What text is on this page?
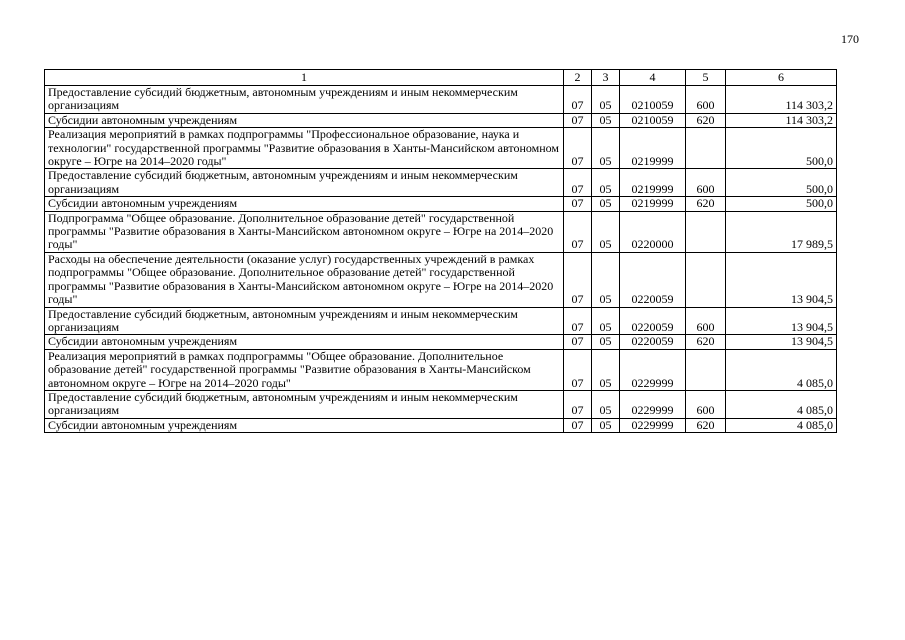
170
1	2	3	4	5	6
Предоставление субсидий бюджетным, автономным учреждениям и иным некоммерческим организациям	07	05	0210059	600	114 303,2
Субсидии автономным учреждениям	07	05	0210059	620	114 303,2
Реализация мероприятий в рамках подпрограммы "Профессиональное образование, наука и технологии" государственной программы "Развитие образования в Ханты-Мансийском автономном округе – Югре на 2014–2020 годы"	07	05	0219999		500,0
Предоставление субсидий бюджетным, автономным учреждениям и иным некоммерческим организациям	07	05	0219999	600	500,0
Субсидии автономным учреждениям	07	05	0219999	620	500,0
Подпрограмма "Общее образование. Дополнительное образование детей" государственной программы "Развитие образования в Ханты-Мансийском автономном округе – Югре на 2014–2020 годы"	07	05	0220000		17 989,5
Расходы на обеспечение деятельности (оказание услуг) государственных учреждений в рамках подпрограммы "Общее образование. Дополнительное образование детей" государственной программы "Развитие образования в Ханты-Мансийском автономном округе – Югре на 2014–2020 годы"	07	05	0220059		13 904,5
Предоставление субсидий бюджетным, автономным учреждениям и иным некоммерческим организациям	07	05	0220059	600	13 904,5
Субсидии автономным учреждениям	07	05	0220059	620	13 904,5
Реализация мероприятий в рамках подпрограммы "Общее образование. Дополнительное образование детей" государственной программы "Развитие образования в Ханты-Мансийском автономном округе – Югре на 2014–2020 годы"	07	05	0229999		4 085,0
Предоставление субсидий бюджетным, автономным учреждениям и иным некоммерческим организациям	07	05	0229999	600	4 085,0
Субсидии автономным учреждениям	07	05	0229999	620	4 085,0
